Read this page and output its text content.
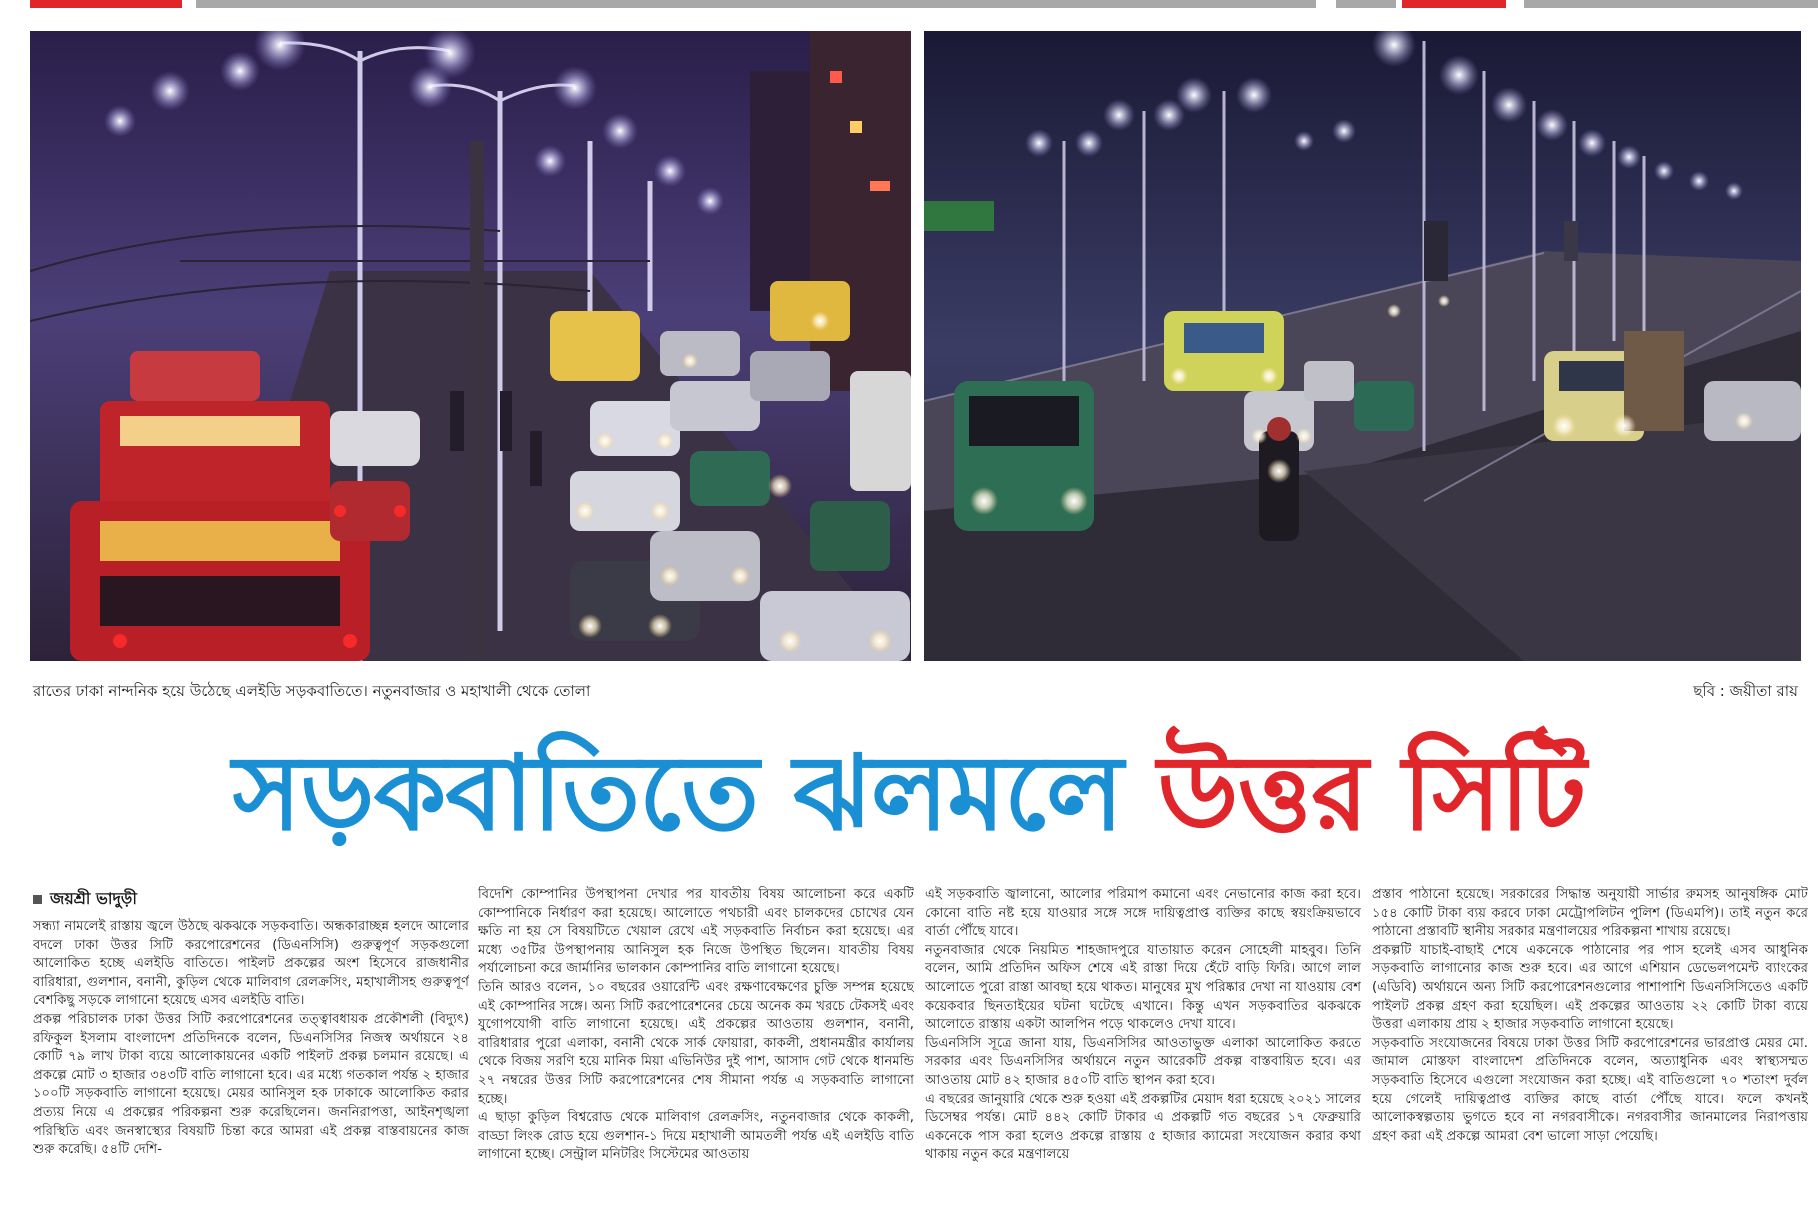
রাতের ঢাকা নান্দনিক হয়ে উঠেছে এলইডি সড়কবাতিতে। নতুনবাজার ও মহাখালী থেকে তোলা	ছবি : জয়ীতা রায়
সড়কবাতিতে ঝলমলে উত্তর সিটি
জয়শ্রী ভাদুড়ী

সন্ধ্যা নামলেই রাস্তায় জ্বলে উঠছে ঝকঝকে সড়কবাতি। অন্ধকারাচ্ছন্ন হলদে আলোর বদলে ঢাকা উত্তর সিটি করপোরেশনের (ডিএনসিসি) গুরুত্বপূর্ণ সড়কগুলো আলোকিত হচ্ছে এলইডি বাতিতে। পাইলট প্রকল্পের অংশ হিসেবে রাজধানীর বারিধারা, গুলশান, বনানী, কুড়িল থেকে মালিবাগ রেলক্রসিং, মহাখালীসহ গুরুত্বপূর্ণ বেশকিছু সড়কে লাগানো হয়েছে এসব এলইডি বাতি।

প্রকল্প পরিচালক ঢাকা উত্তর সিটি করপোরেশনের তত্ত্বাবধায়ক প্রকৌশলী (বিদ্যুৎ) রফিকুল ইসলাম বাংলাদেশ প্রতিদিনকে বলেন, ডিএনসিসির নিজস্ব অর্থায়নে ২৪ কোটি ৭৯ লাখ টাকা ব্যয়ে আলোকায়নের একটি পাইলট প্রকল্প চলমান রয়েছে। এ প্রকল্পে মোট ৩ হাজার ৩৪৩টি বাতি লাগানো হবে। এর মধ্যে গতকাল পর্যন্ত ২ হাজার ১০০টি সড়কবাতি লাগানো হয়েছে। মেয়র আনিসুল হক ঢাকাকে আলোকিত করার প্রত্যয় নিয়ে এ প্রকল্পের পরিকল্পনা শুরু করেছিলেন। জননিরাপত্তা, আইনশৃঙ্খলা পরিস্থিতি এবং জনস্বাস্থ্যের বিষয়টি চিন্তা করে আমরা এই প্রকল্প বাস্তবায়নের কাজ শুরু করেছি। ৫৪টি দেশি-

বিদেশি কোম্পানির উপস্থাপনা দেখার পর যাবতীয় বিষয় আলোচনা করে একটি কোম্পানিকে নির্ধারণ করা হয়েছে। আলোতে পথচারী এবং চালকদের চোখের যেন ক্ষতি না হয় সে বিষয়টিতে খেয়াল রেখে এই সড়কবাতি নির্বাচন করা হয়েছে। এর মধ্যে ৩৫টির উপস্থাপনায় আনিসুল হক নিজে উপস্থিত ছিলেন। যাবতীয় বিষয় পর্যালোচনা করে জার্মানির ভালকান কোম্পানির বাতি লাগানো হয়েছে।

তিনি আরও বলেন, ১০ বছরের ওয়ারেন্টি এবং রক্ষণাবেক্ষণের চুক্তি সম্পন্ন হয়েছে এই কোম্পানির সঙ্গে। অন্য সিটি করপোরেশনের চেয়ে অনেক কম খরচে টেকসই এবং যুগোপযোগী বাতি লাগানো হয়েছে। এই প্রকল্পের আওতায় গুলশান, বনানী, বারিধারার পুরো এলাকা, বনানী থেকে সার্ক ফোয়ারা, কাকলী, প্রধানমন্ত্রীর কার্যালয় থেকে বিজয় সরণি হয়ে মানিক মিয়া এভিনিউর দুই পাশ, আসাদ গেট থেকে ধানমন্ডি ২৭ নম্বরের উত্তর সিটি করপোরেশনের শেষ সীমানা পর্যন্ত এ সড়কবাতি লাগানো হচ্ছে।

এ ছাড়া কুড়িল বিশ্বরোড থেকে মালিবাগ রেলক্রসিং, নতুনবাজার থেকে কাকলী, বাড্ডা লিংক রোড হয়ে গুলশান-১ দিয়ে মহাখালী আমতলী পর্যন্ত এই এলইডি বাতি লাগানো হচ্ছে। সেন্ট্রাল মনিটরিং সিস্টেমের আওতায়

এই সড়কবাতি জ্বালানো, আলোর পরিমাপ কমানো এবং নেভানোর কাজ করা হবে। কোনো বাতি নষ্ট হয়ে যাওয়ার সঙ্গে সঙ্গে দায়িত্বপ্রাপ্ত ব্যক্তির কাছে স্বয়ংক্রিয়ভাবে বার্তা পৌঁছে যাবে।

নতুনবাজার থেকে নিয়মিত শাহজাদপুরে যাতায়াত করেন সোহেলী মাহবুব। তিনি বলেন, আমি প্রতিদিন অফিস শেষে এই রাস্তা দিয়ে হেঁটে বাড়ি ফিরি। আগে লাল আলোতে পুরো রাস্তা আবছা হয়ে থাকত। মানুষের মুখ পরিষ্কার দেখা না যাওয়ায় বেশ কয়েকবার ছিনতাইয়ের ঘটনা ঘটেছে এখানে। কিন্তু এখন সড়কবাতির ঝকঝকে আলোতে রাস্তায় একটা আলপিন পড়ে থাকলেও দেখা যাবে।

ডিএনসিসি সূত্রে জানা যায়, ডিএনসিসির আওতাভুক্ত এলাকা আলোকিত করতে সরকার এবং ডিএনসিসির অর্থায়নে নতুন আরেকটি প্রকল্প বাস্তবায়িত হবে। এর আওতায় মোট ৪২ হাজার ৪৫০টি বাতি স্থাপন করা হবে।

এ বছরের জানুয়ারি থেকে শুরু হওয়া এই প্রকল্পটির মেয়াদ ধরা হয়েছে ২০২১ সালের ডিসেম্বর পর্যন্ত। মোট ৪৪২ কোটি টাকার এ প্রকল্পটি গত বছরের ১৭ ফেব্রুয়ারি একনেকে পাস করা হলেও প্রকল্পে রাস্তায় ৫ হাজার ক্যামেরা সংযোজন করার কথা থাকায় নতুন করে মন্ত্রণালয়ে

প্রস্তাব পাঠানো হয়েছে। সরকারের সিদ্ধান্ত অনুযায়ী সার্ভার রুমসহ আনুষঙ্গিক মোট ১৫৪ কোটি টাকা ব্যয় করবে ঢাকা মেট্রোপলিটন পুলিশ (ডিএমপি)। তাই নতুন করে পাঠানো প্রস্তাবটি স্থানীয় সরকার মন্ত্রণালয়ের পরিকল্পনা শাখায় রয়েছে।

প্রকল্পটি যাচাই-বাছাই শেষে একনেকে পাঠানোর পর পাস হলেই এসব আধুনিক সড়কবাতি লাগানোর কাজ শুরু হবে। এর আগে এশিয়ান ডেভেলপমেন্ট ব্যাংকের (এডিবি) অর্থায়নে অন্য সিটি করপোরেশনগুলোর পাশাপাশি ডিএনসিসিতেও একটি পাইলট প্রকল্প গ্রহণ করা হয়েছিল। এই প্রকল্পের আওতায় ২২ কোটি টাকা ব্যয়ে উত্তরা এলাকায় প্রায় ২ হাজার সড়কবাতি লাগানো হয়েছে।

সড়কবাতি সংযোজনের বিষয়ে ঢাকা উত্তর সিটি করপোরেশনের ভারপ্রাপ্ত মেয়র মো. জামাল মোস্তফা বাংলাদেশ প্রতিদিনকে বলেন, অত্যাধুনিক এবং স্বাস্থ্যসম্মত সড়কবাতি হিসেবে এগুলো সংযোজন করা হচ্ছে। এই বাতিগুলো ৭০ শতাংশ দুর্বল হয়ে গেলেই দায়িত্বপ্রাপ্ত ব্যক্তির কাছে বার্তা পৌঁছে যাবে। ফলে কখনই আলোকস্বল্পতায় ভুগতে হবে না নগরবাসীকে। নগরবাসীর জানমালের নিরাপত্তায় গ্রহণ করা এই প্রকল্পে আমরা বেশ ভালো সাড়া পেয়েছি।
